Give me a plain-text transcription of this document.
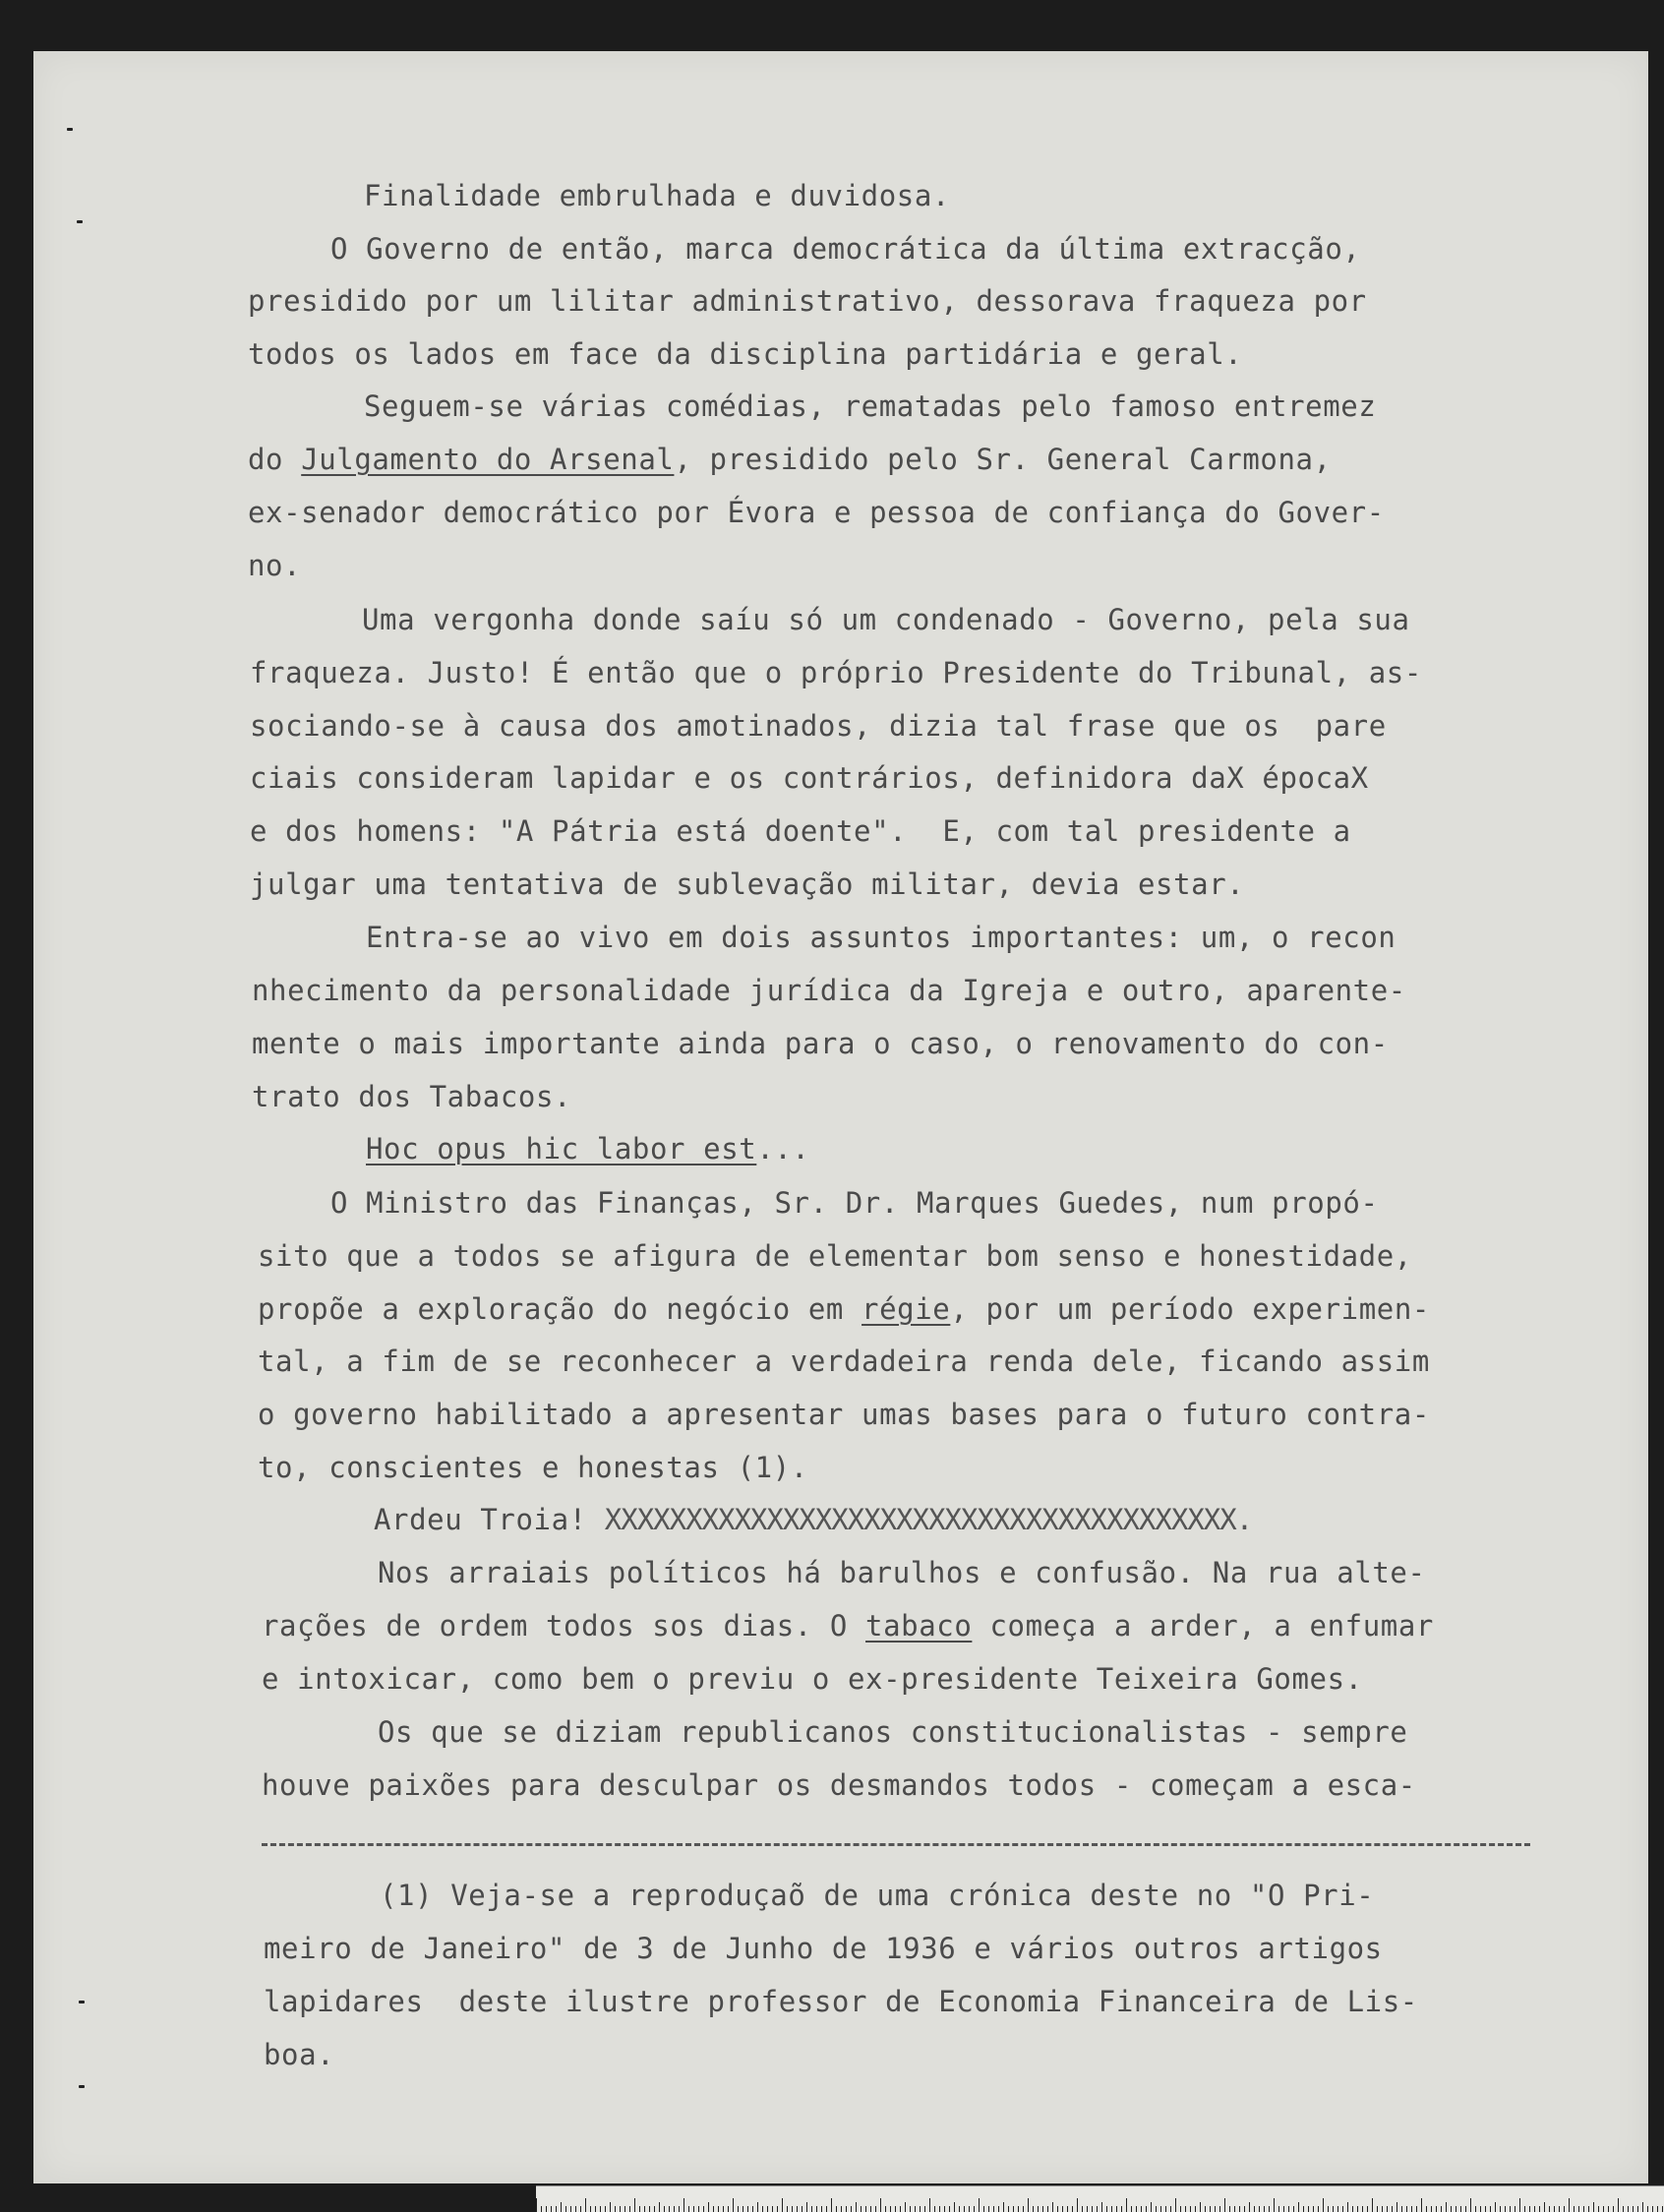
Finalidade embrulhada e duvidosa.
O Governo de então, marca democrática da última extracção,
presidido por um lilitar administrativo, dessorava fraqueza por
todos os lados em face da disciplina partidária e geral.
Seguem-se várias comédias, rematadas pelo famoso entremez
do Julgamento do Arsenal, presidido pelo Sr. General Carmona,
ex-senador democrático por Évora e pessoa de confiança do Gover-
no.
Uma vergonha donde saíu só um condenado - Governo, pela sua
fraqueza. Justo! É então que o próprio Presidente do Tribunal, as-
sociando-se à causa dos amotinados, dizia tal frase que os  pare
ciais consideram lapidar e os contrários, definidora daX épocaX
e dos homens: "A Pátria está doente".  E, com tal presidente a
julgar uma tentativa de sublevação militar, devia estar.
Entra-se ao vivo em dois assuntos importantes: um, o recon
nhecimento da personalidade jurídica da Igreja e outro, aparente-
mente o mais importante ainda para o caso, o renovamento do con-
trato dos Tabacos.
Hoc opus hic labor est...
O Ministro das Finanças, Sr. Dr. Marques Guedes, num propó-
sito que a todos se afigura de elementar bom senso e honestidade,
propõe a exploração do negócio em régie, por um período experimen-
tal, a fim de se reconhecer a verdadeira renda dele, ficando assim
o governo habilitado a apresentar umas bases para o futuro contra-
to, conscientes e honestas (1).
Ardeu Troia! XXXXXXXXXXXXXXXXXXXXXXXXXXXXXXXXXXXXXXX.
Nos arraiais políticos há barulhos e confusão. Na rua alte-
rações de ordem todos sos dias. O tabaco começa a arder, a enfumar
e intoxicar, como bem o previu o ex-presidente Teixeira Gomes.
Os que se diziam republicanos constitucionalistas - sempre
houve paixões para desculpar os desmandos todos - começam a esca-
(1) Veja-se a reproduçaõ de uma crónica deste no "O Pri-
meiro de Janeiro" de 3 de Junho de 1936 e vários outros artigos
lapidares  deste ilustre professor de Economia Financeira de Lis-
boa.
